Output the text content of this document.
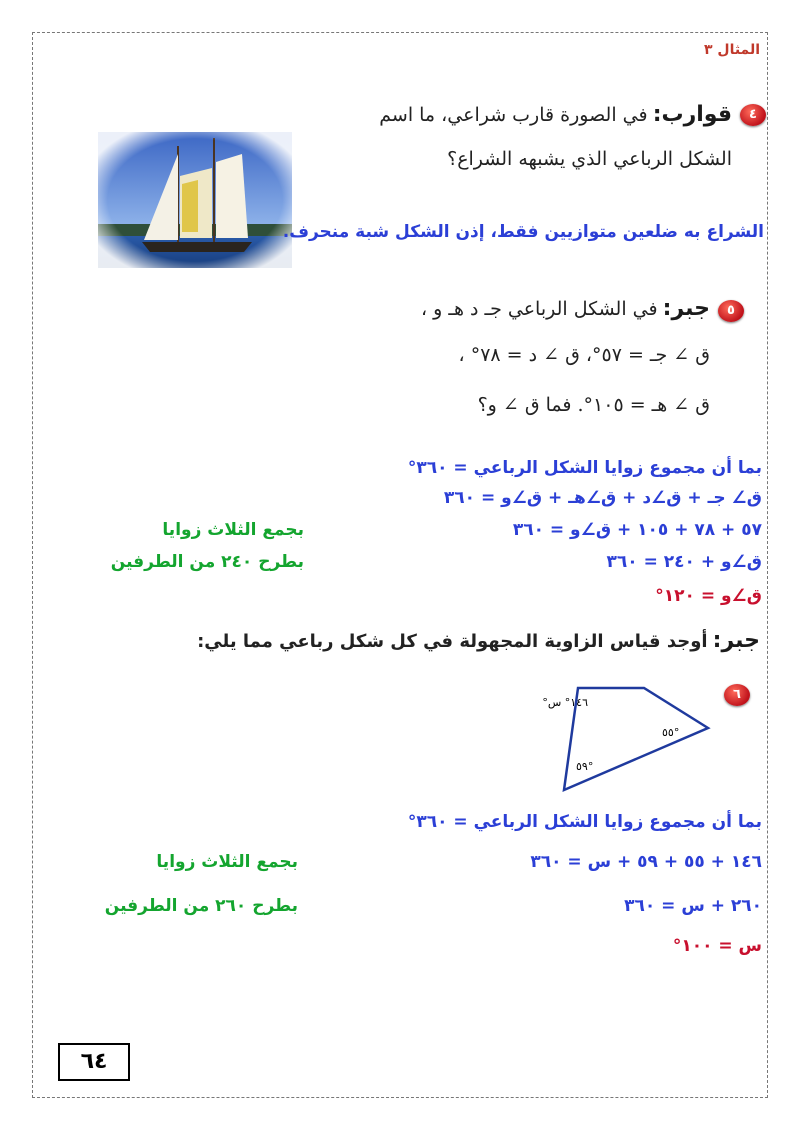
المثال ٣
٤
قوارب: في الصورة قارب شراعي، ما اسم
الشكل الرباعي الذي يشبهه الشراع؟
الشراع به ضلعين متوازيين فقط، إذن الشكل شبة منحرف.
٥
جبر: في الشكل الرباعي جـ د هـ و ،
ق ∠ جـ = ٥٧°، ق ∠ د = ٧٨° ،
ق ∠ هـ = ١٠٥°. فما ق ∠ و؟
بما أن مجموع زوايا الشكل الرباعي = ٣٦٠°
ق∠ جـ + ق∠د + ق∠هـ + ق∠و = ٣٦٠
٥٧ + ٧٨ + ١٠٥ + ق∠و = ٣٦٠
ق∠و + ٢٤٠ = ٣٦٠
ق∠و = ١٢٠°
بجمع الثلاث زوايا
بطرح ٢٤٠ من الطرفين
جبر: أوجد قياس الزاوية المجهولة في كل شكل رباعي مما يلي:
٦
١٤٦° س°
٥٥°
٥٩°
بما أن مجموع زوايا الشكل الرباعي = ٣٦٠°
١٤٦ + ٥٥ + ٥٩ + س = ٣٦٠
٢٦٠ + س = ٣٦٠
س = ١٠٠°
بجمع الثلاث زوايا
بطرح ٢٦٠ من الطرفين
٦٤
